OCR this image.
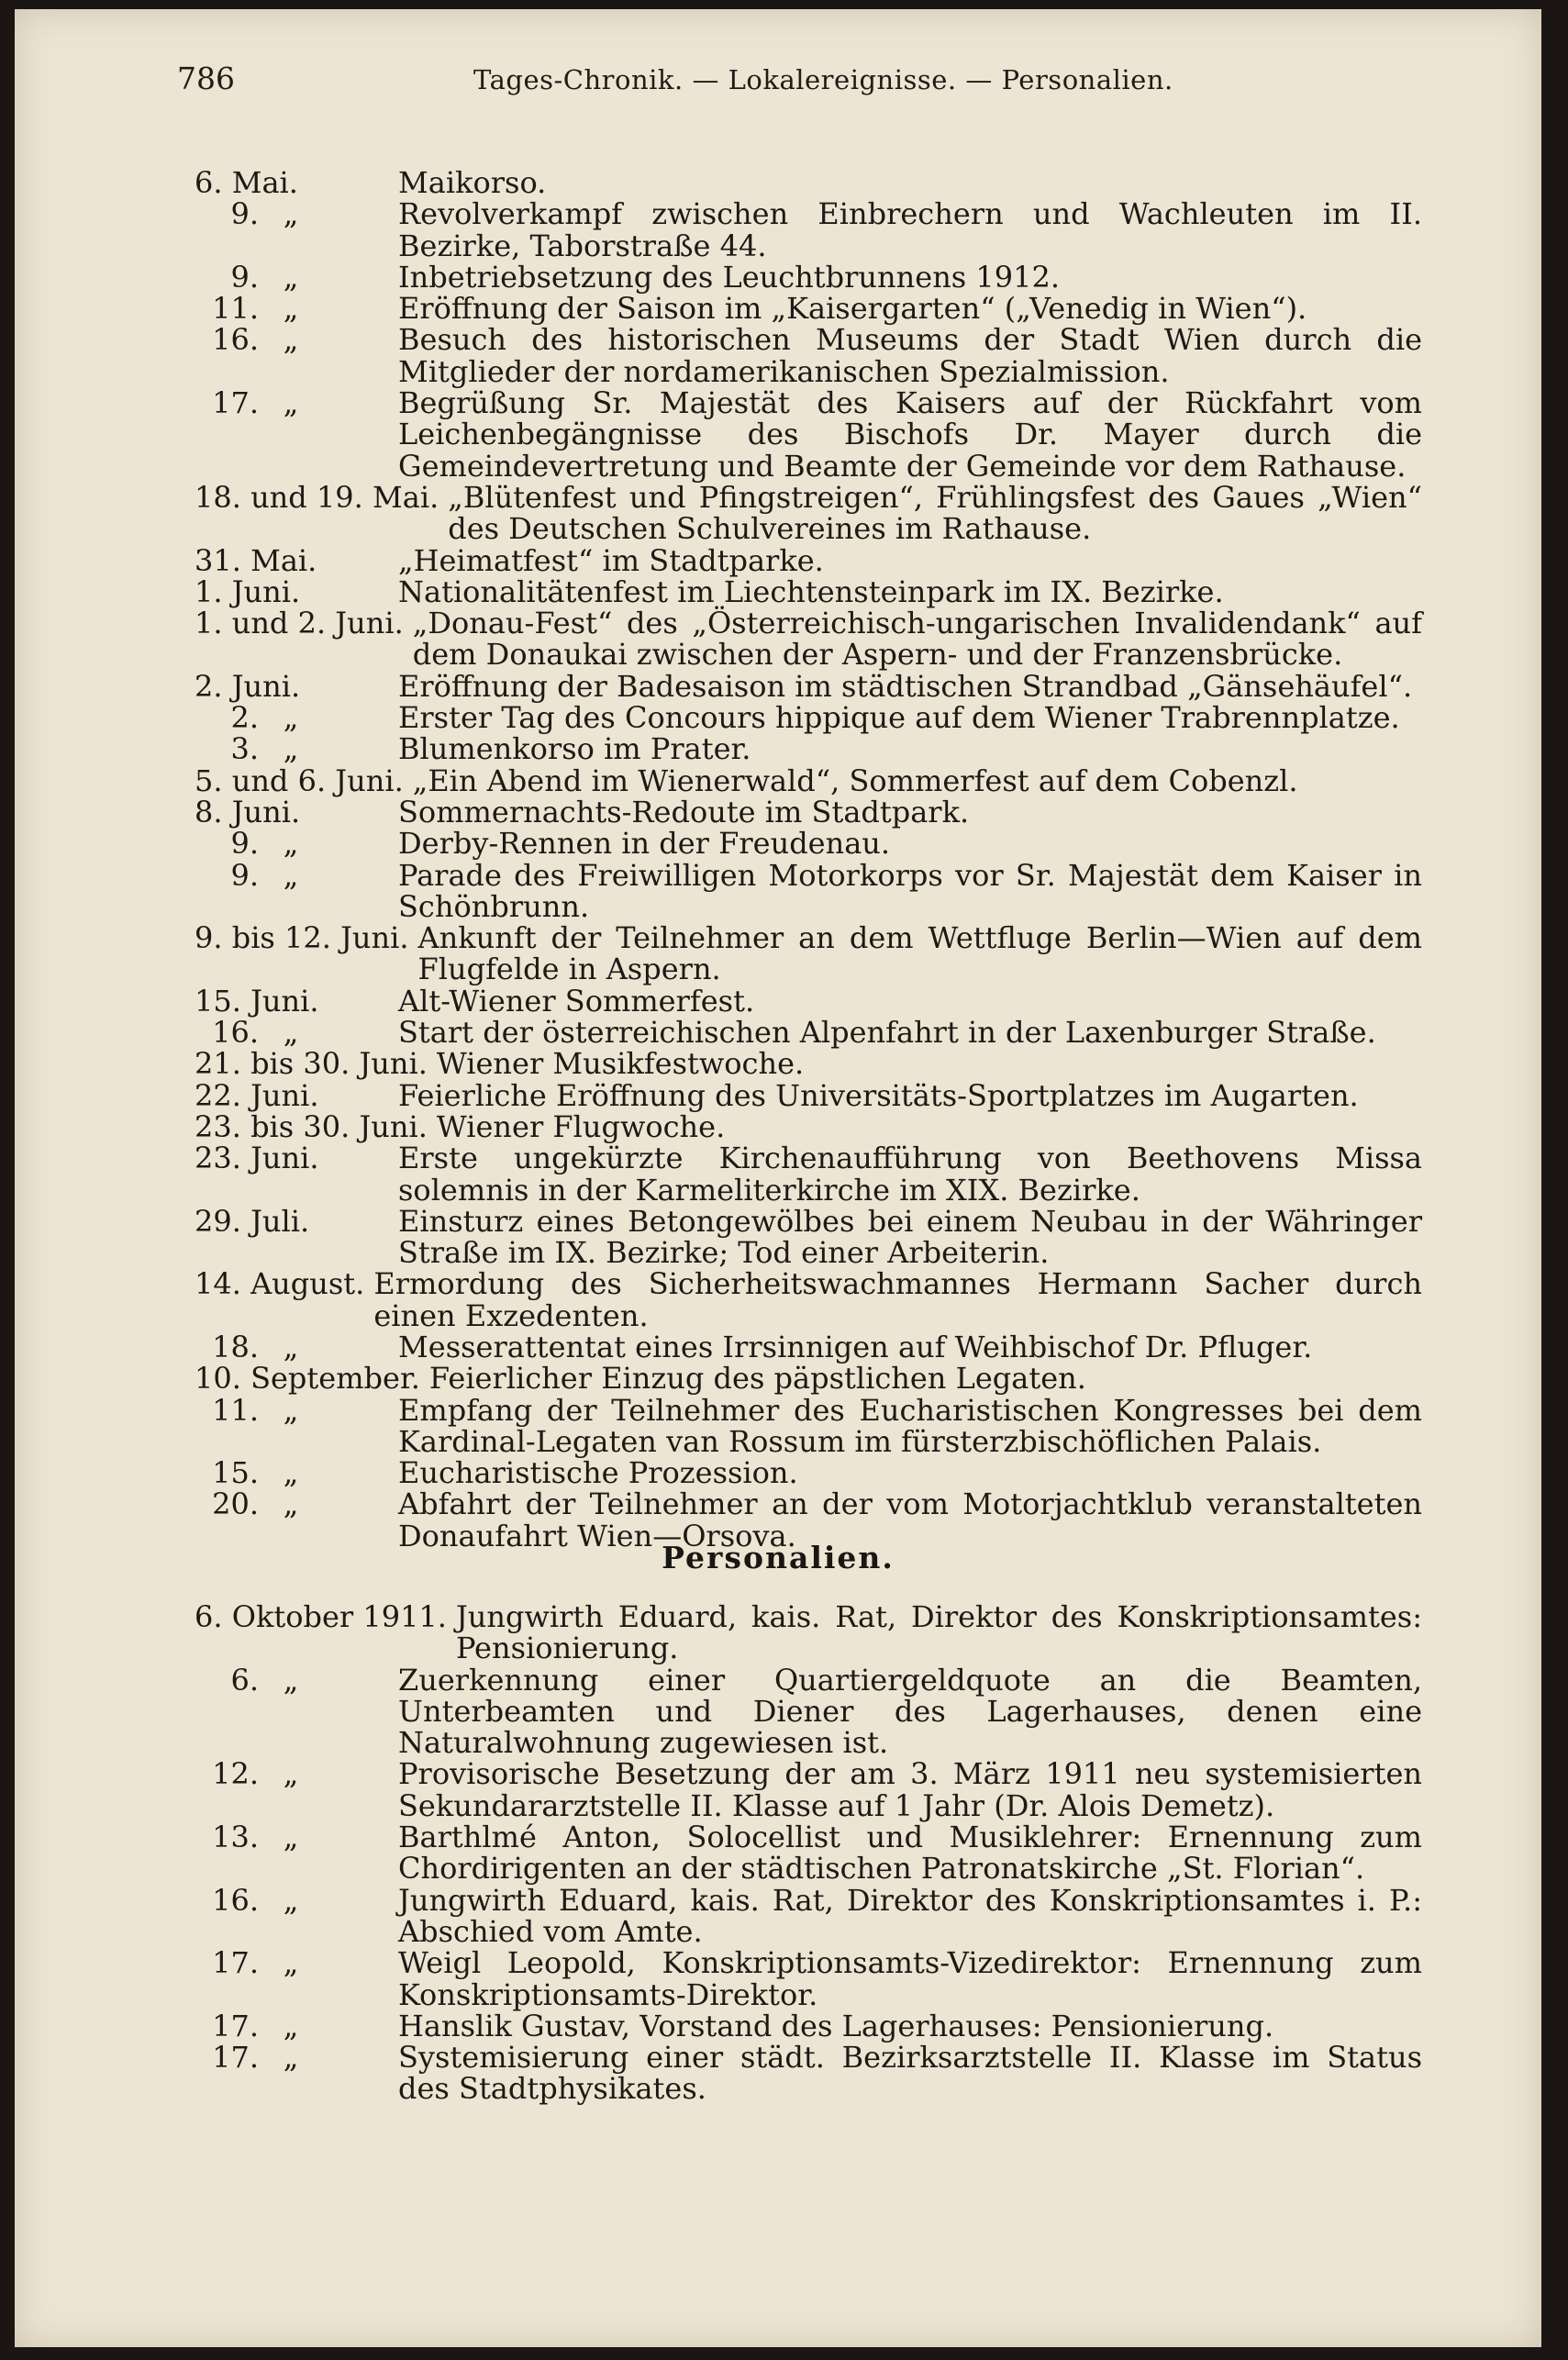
786	Tages-Chronik. — Lokalereignisse. — Personalien.
6. Mai.	Maikorso.
9. „	Revolverkampf zwischen Einbrechern und Wachleuten im II. Bezirke, Taborstraße 44.
9. „	Inbetriebsetzung des Leuchtbrunnens 1912.
11. „	Eröffnung der Saison im „Kaisergarten“ („Venedig in Wien“).
16. „	Besuch des historischen Museums der Stadt Wien durch die Mitglieder der nordamerikanischen Spezialmission.
17. „	Begrüßung Sr. Majestät des Kaisers auf der Rückfahrt vom Leichenbegängnisse des Bischofs Dr. Mayer durch die Gemeindevertretung und Beamte der Gemeinde vor dem Rathause.
18. und 19. Mai. „Blütenfest und Pfingstreigen“, Frühlingsfest des Gaues „Wien“ des Deutschen Schulvereines im Rathause.
31. Mai.	„Heimatfest“ im Stadtparke.
1. Juni.	Nationalitätenfest im Liechtensteinpark im IX. Bezirke.
1. und 2. Juni. „Donau-Fest“ des „Österreichisch-ungarischen Invalidendank“ auf dem Donaukai zwischen der Aspern- und der Franzensbrücke.
2. Juni.	Eröffnung der Badesaison im städtischen Strandbad „Gänsehäufel“.
2. „	Erster Tag des Concours hippique auf dem Wiener Trabrennplatze.
3. „	Blumenkorso im Prater.
5. und 6. Juni. „Ein Abend im Wienerwald“, Sommerfest auf dem Cobenzl.
8. Juni.	Sommernachts-Redoute im Stadtpark.
9. „	Derby-Rennen in der Freudenau.
9. „	Parade des Freiwilligen Motorkorps vor Sr. Majestät dem Kaiser in Schönbrunn.
9. bis 12. Juni. Ankunft der Teilnehmer an dem Wettfluge Berlin—Wien auf dem Flugfelde in Aspern.
15. Juni.	Alt-Wiener Sommerfest.
16. „	Start der österreichischen Alpenfahrt in der Laxenburger Straße.
21. bis 30. Juni. Wiener Musikfestwoche.
22. Juni.	Feierliche Eröffnung des Universitäts-Sportplatzes im Augarten.
23. bis 30. Juni. Wiener Flugwoche.
23. Juni.	Erste ungekürzte Kirchenaufführung von Beethovens Missa solemnis in der Karmeliterkirche im XIX. Bezirke.
29. Juli.	Einsturz eines Betongewölbes bei einem Neubau in der Währinger Straße im IX. Bezirke; Tod einer Arbeiterin.
14. August. Ermordung des Sicherheitswachmannes Hermann Sacher durch einen Exzedenten.
18. „	Messerattentat eines Irrsinnigen auf Weihbischof Dr. Pfluger.
10. September. Feierlicher Einzug des päpstlichen Legaten.
11. „	Empfang der Teilnehmer des Eucharistischen Kongresses bei dem Kardinal-Legaten van Rossum im fürsterzbischöflichen Palais.
15. „	Eucharistische Prozession.
20. „	Abfahrt der Teilnehmer an der vom Motorjachtklub veranstalteten Donaufahrt Wien—Orsova.
Personalien.
6. Oktober 1911. Jungwirth Eduard, kais. Rat, Direktor des Konskriptionsamtes: Pensionierung.
6. „	Zuerkennung einer Quartiergeldquote an die Beamten, Unterbeamten und Diener des Lagerhauses, denen eine Naturalwohnung zugewiesen ist.
12. „	Provisorische Besetzung der am 3. März 1911 neu systemisierten Sekundararztstelle II. Klasse auf 1 Jahr (Dr. Alois Demetz).
13. „	Barthlmé Anton, Solocellist und Musiklehrer: Ernennung zum Chordirigenten an der städtischen Patronatskirche „St. Florian“.
16. „	Jungwirth Eduard, kais. Rat, Direktor des Konskriptionsamtes i. P.: Abschied vom Amte.
17. „	Weigl Leopold, Konskriptionsamts-Vizedirektor: Ernennung zum Konskriptionsamts-Direktor.
17. „	Hanslik Gustav, Vorstand des Lagerhauses: Pensionierung.
17. „	Systemisierung einer städt. Bezirksarztstelle II. Klasse im Status des Stadtphysikates.
